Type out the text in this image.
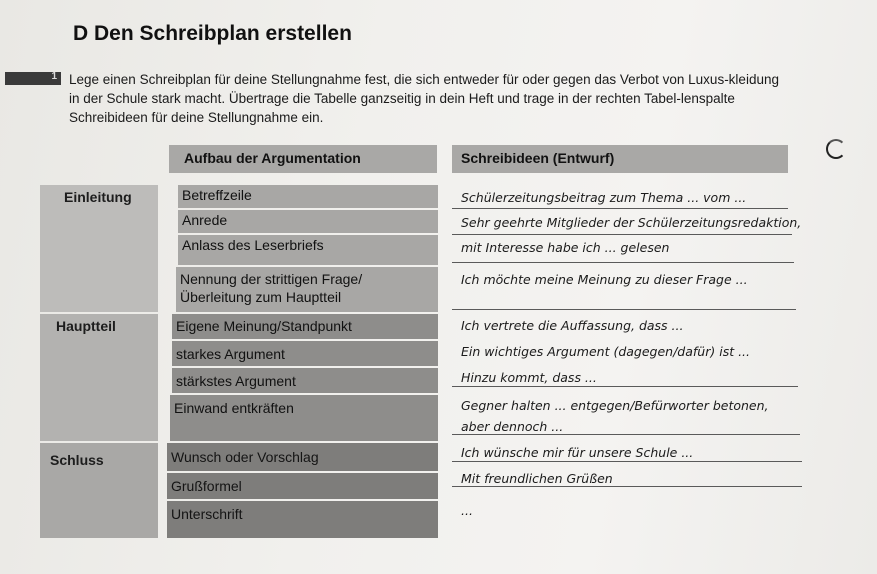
D Den Schreibplan erstellen
1 Lege einen Schreibplan für deine Stellungnahme fest, die sich entweder für oder gegen das Verbot von Luxus-kleidung in der Schule stark macht. Übertrage die Tabelle ganzseitig in dein Heft und trage in der rechten Tabel-lenspalte Schreibideen für deine Stellungnahme ein.

Einleitung
Hauptteil
Schluss
Aufbau der Argumentation	Schreibideen (Entwurf)
Betreffzeile
Anrede
Anlass des Leserbriefs
Nennung der strittigen Frage/
Überleitung zum Hauptteil
Eigene Meinung/Standpunkt
starkes Argument
stärkstes Argument
Einwand entkräften
Wunsch oder Vorschlag
Grußformel
Unterschrift
Schülerzeitungsbeitrag zum Thema ... vom ...
Sehr geehrte Mitglieder der Schülerzeitungsredaktion,
mit Interesse habe ich ... gelesen
Ich möchte meine Meinung zu dieser Frage ...
Ich vertrete die Auffassung, dass ...
Ein wichtiges Argument (dagegen/dafür) ist ...
Hinzu kommt, dass ...
Gegner halten ... entgegen/Befürworter betonen,
aber dennoch ...
Ich wünsche mir für unsere Schule ...
Mit freundlichen Grüßen
...
